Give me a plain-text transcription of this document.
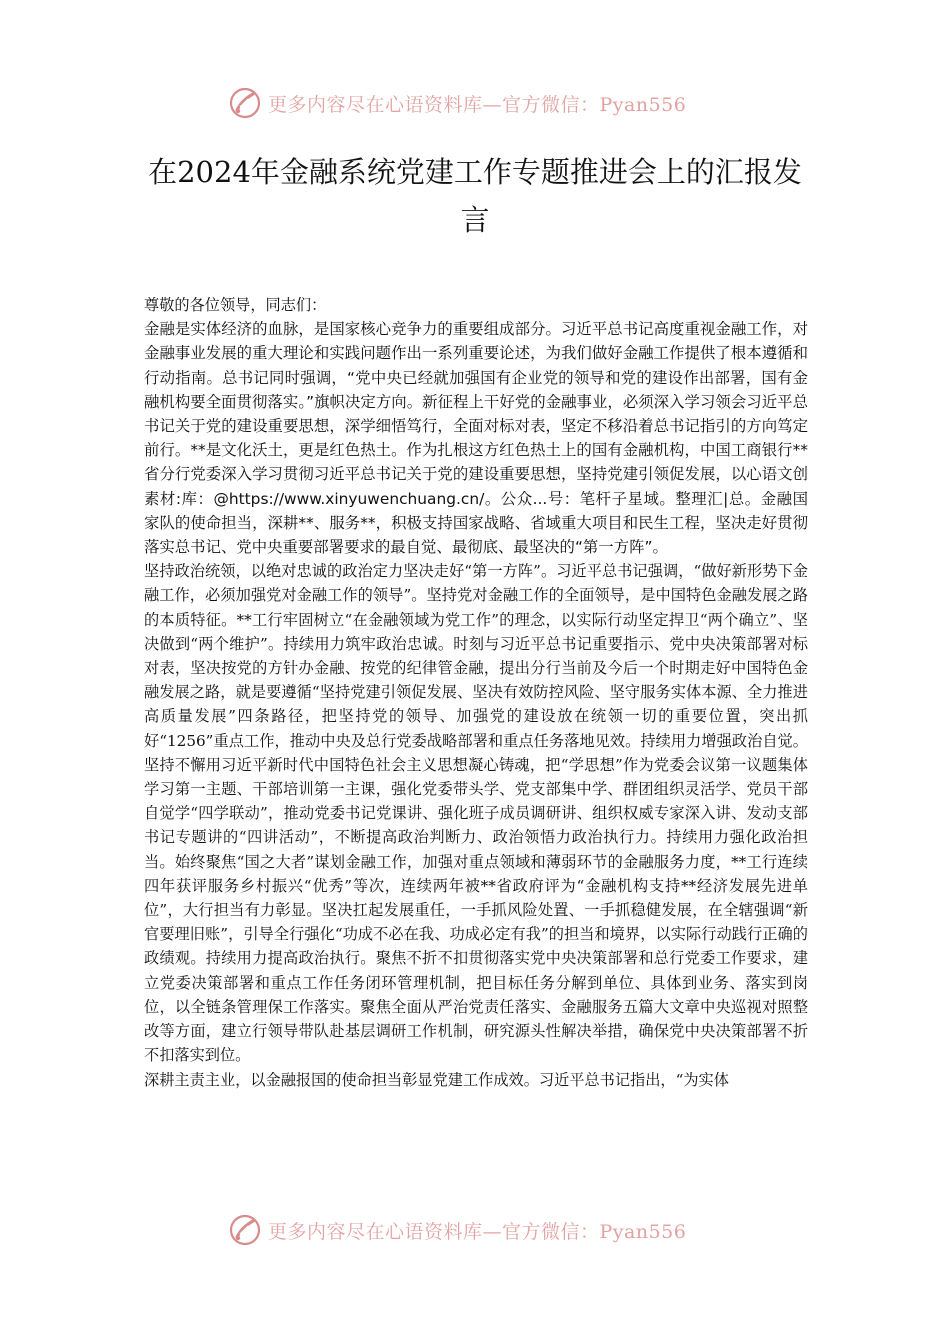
更多内容尽在心语资料库—官方微信：Pyan556
在2024年金融系统党建工作专题推进会上的汇报发言

尊敬的各位领导，同志们：

金融是实体经济的血脉，是国家核心竞争力的重要组成部分。习近平总书记高度重视金融工作，对金融事业发展的重大理论和实践问题作出一系列重要论述，为我们做好金融工作提供了根本遵循和行动指南。总书记同时强调，“党中央已经就加强国有企业党的领导和党的建设作出部署，国有金融机构要全面贯彻落实。”旗帜决定方向。新征程上干好党的金融事业，必须深入学习领会习近平总书记关于党的建设重要思想，深学细悟笃行，全面对标对表，坚定不移沿着总书记指引的方向笃定前行。**是文化沃土，更是红色热土。作为扎根这方红色热土上的国有金融机构，中国工商银行**省分行党委深入学习贯彻习近平总书记关于党的建设重要思想，坚持党建引领促发展，以心语文创素材:库：@https://www.xinyuwenchuang.cn/。公众...号：笔杆子星域。整理汇|总。金融国家队的使命担当，深耕**、服务**，积极支持国家战略、省域重大项目和民生工程，坚决走好贯彻落实总书记、党中央重要部署要求的最自觉、最彻底、最坚决的“第一方阵”。

坚持政治统领，以绝对忠诚的政治定力坚决走好“第一方阵”。习近平总书记强调，“做好新形势下金融工作，必须加强党对金融工作的领导”。坚持党对金融工作的全面领导，是中国特色金融发展之路的本质特征。**工行牢固树立“在金融领域为党工作”的理念，以实际行动坚定捍卫“两个确立”、坚决做到“两个维护”。持续用力筑牢政治忠诚。时刻与习近平总书记重要指示、党中央决策部署对标对表，坚决按党的方针办金融、按党的纪律管金融，提出分行当前及今后一个时期走好中国特色金融发展之路，就是要遵循“坚持党建引领促发展、坚决有效防控风险、坚守服务实体本源、全力推进高质量发展”四条路径，把坚持党的领导、加强党的建设放在统领一切的重要位置，突出抓好“1256”重点工作，推动中央及总行党委战略部署和重点任务落地见效。持续用力增强政治自觉。坚持不懈用习近平新时代中国特色社会主义思想凝心铸魂，把“学思想”作为党委会议第一议题集体学习第一主题、干部培训第一主课，强化党委带头学、党支部集中学、群团组织灵活学、党员干部自觉学“四学联动”，推动党委书记党课讲、强化班子成员调研讲、组织权威专家深入讲、发动支部书记专题讲的“四讲活动”，不断提高政治判断力、政治领悟力政治执行力。持续用力强化政治担当。始终聚焦“国之大者”谋划金融工作，加强对重点领域和薄弱环节的金融服务力度，**工行连续四年获评服务乡村振兴“优秀”等次，连续两年被**省政府评为“金融机构支持**经济发展先进单位”，大行担当有力彰显。坚决扛起发展重任，一手抓风险处置、一手抓稳健发展，在全辖强调“新官要理旧账”，引导全行强化“功成不必在我、功成必定有我”的担当和境界，以实际行动践行正确的政绩观。持续用力提高政治执行。聚焦不折不扣贯彻落实党中央决策部署和总行党委工作要求，建立党委决策部署和重点工作任务闭环管理机制，把目标任务分解到单位、具体到业务、落实到岗位，以全链条管理保工作落实。聚焦全面从严治党责任落实、金融服务五篇大文章中央巡视对照整改等方面，建立行领导带队赴基层调研工作机制，研究源头性解决举措，确保党中央决策部署不折不扣落实到位。

深耕主责主业，以金融报国的使命担当彰显党建工作成效。习近平总书记指出，“为实体

更多内容尽在心语资料库—官方微信：Pyan556
